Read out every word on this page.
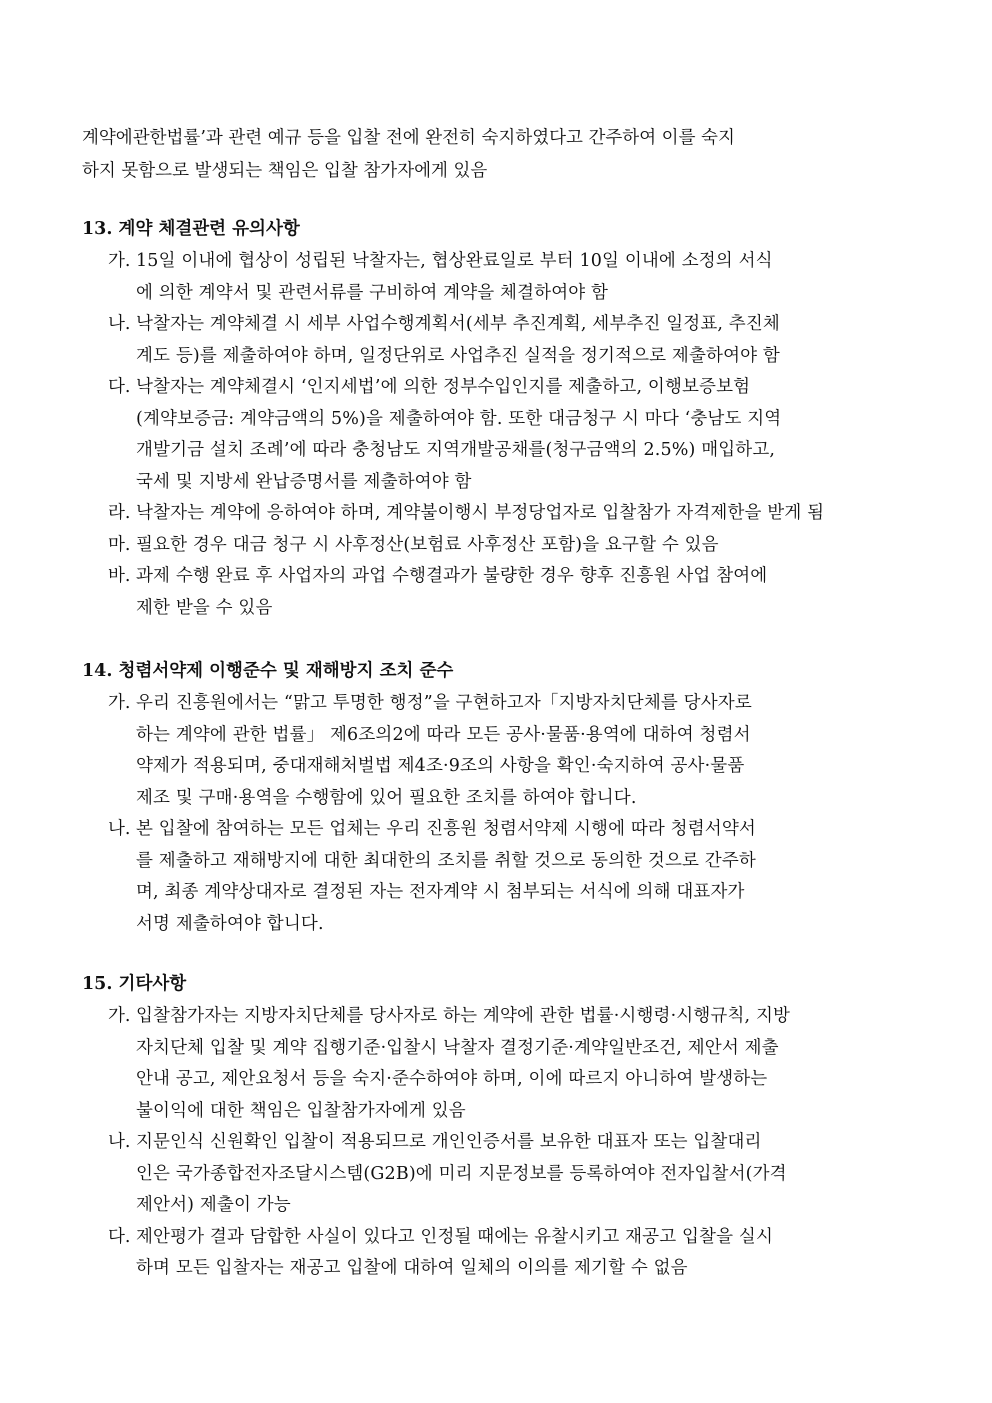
계약에관한법률’과 관련 예규 등을 입찰 전에 완전히 숙지하였다고 간주하여 이를 숙지

하지 못함으로 발생되는 책임은 입찰 참가자에게 있음

13. 계약 체결관련 유의사항
가. 15일 이내에 협상이 성립된 낙찰자는, 협상완료일로 부터 10일 이내에 소정의 서식

에 의한 계약서 및 관련서류를 구비하여 계약을 체결하여야 함

나. 낙찰자는 계약체결 시 세부 사업수행계획서(세부 추진계획, 세부추진 일정표, 추진체

계도 등)를 제출하여야 하며, 일정단위로 사업추진 실적을 정기적으로 제출하여야 함

다. 낙찰자는 계약체결시 ‘인지세법’에 의한 정부수입인지를 제출하고, 이행보증보험

(계약보증금: 계약금액의 5%)을 제출하여야 함. 또한 대금청구 시 마다 ‘충남도 지역

개발기금 설치 조례’에 따라 충청남도 지역개발공채를(청구금액의 2.5%) 매입하고,

국세 및 지방세 완납증명서를 제출하여야 함

라. 낙찰자는 계약에 응하여야 하며, 계약불이행시 부정당업자로 입찰참가 자격제한을 받게 됨

마. 필요한 경우 대금 청구 시 사후정산(보험료 사후정산 포함)을 요구할 수 있음

바. 과제 수행 완료 후 사업자의 과업 수행결과가 불량한 경우 향후 진흥원 사업 참여에

제한 받을 수 있음

14. 청렴서약제 이행준수 및 재해방지 조치 준수
가. 우리 진흥원에서는 “맑고 투명한 행정”을 구현하고자「지방자치단체를 당사자로

하는 계약에 관한 법률」 제6조의2에 따라 모든 공사·물품·용역에 대하여 청렴서

약제가 적용되며, 중대재해처벌법 제4조·9조의 사항을 확인·숙지하여 공사·물품

제조 및 구매·용역을 수행함에 있어 필요한 조치를 하여야 합니다.

나. 본 입찰에 참여하는 모든 업체는 우리 진흥원 청렴서약제 시행에 따라 청렴서약서

를 제출하고 재해방지에 대한 최대한의 조치를 취할 것으로 동의한 것으로 간주하

며, 최종 계약상대자로 결정된 자는 전자계약 시 첨부되는 서식에 의해 대표자가

서명 제출하여야 합니다.

15. 기타사항
가. 입찰참가자는 지방자치단체를 당사자로 하는 계약에 관한 법률·시행령·시행규칙, 지방

자치단체 입찰 및 계약 집행기준·입찰시 낙찰자 결정기준·계약일반조건, 제안서 제출

안내 공고, 제안요청서 등을 숙지·준수하여야 하며, 이에 따르지 아니하여 발생하는

불이익에 대한 책임은 입찰참가자에게 있음

나. 지문인식 신원확인 입찰이 적용되므로 개인인증서를 보유한 대표자 또는 입찰대리

인은 국가종합전자조달시스템(G2B)에 미리 지문정보를 등록하여야 전자입찰서(가격

제안서) 제출이 가능

다. 제안평가 결과 담합한 사실이 있다고 인정될 때에는 유찰시키고 재공고 입찰을 실시

하며 모든 입찰자는 재공고 입찰에 대하여 일체의 이의를 제기할 수 없음
